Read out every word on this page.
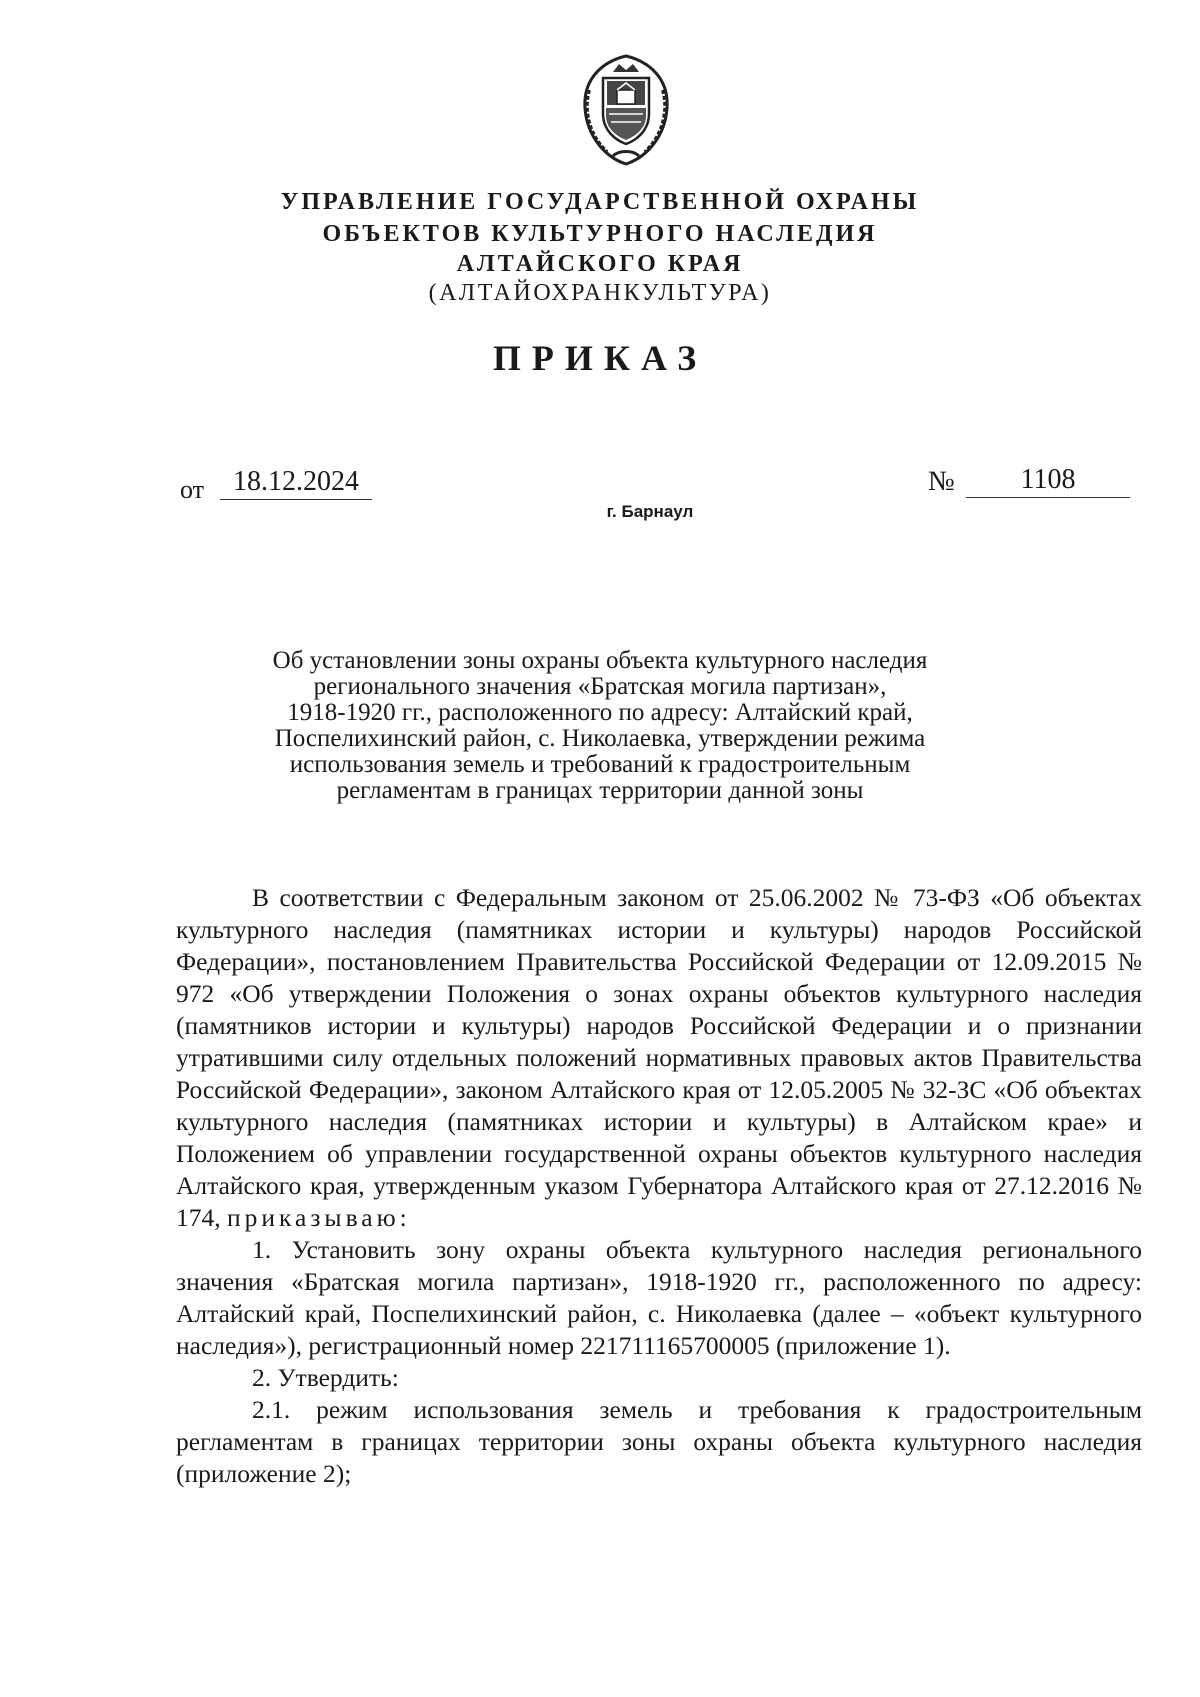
УПРАВЛЕНИЕ ГОСУДАРСТВЕННОЙ ОХРАНЫ
ОБЪЕКТОВ КУЛЬТУРНОГО НАСЛЕДИЯ
АЛТАЙСКОГО КРАЯ
(АЛТАЙОХРАНКУЛЬТУРА)
ПРИКАЗ
от	18.12.2024	№	1108
г. Барнаул
Об установлении зоны охраны объекта культурного наследия
регионального значения «Братская могила партизан»,
1918-1920 гг., расположенного по адресу: Алтайский край,
Поспелихинский район, с. Николаевка, утверждении режима
использования земель и требований к градостроительным
регламентам в границах территории данной зоны

В соответствии с Федеральным законом от 25.06.2002 № 73-ФЗ «Об объектах культурного наследия (памятниках истории и культуры) народов Российской Федерации», постановлением Правительства Российской Федерации от 12.09.2015 № 972 «Об утверждении Положения о зонах охраны объектов культурного наследия (памятников истории и культуры) народов Российской Федерации и о признании утратившими силу отдельных положений нормативных правовых актов Правительства Российской Федерации», законом Алтайского края от 12.05.2005 № 32-ЗС «Об объектах культурного наследия (памятниках истории и культуры) в Алтайском крае» и Положением об управлении государственной охраны объектов культурного наследия Алтайского края, утвержденным указом Губернатора Алтайского края от 27.12.2016 № 174, приказываю:

1. Установить зону охраны объекта культурного наследия регионального значения «Братская могила партизан», 1918-1920 гг., расположенного по адресу: Алтайский край, Поспелихинский район, с. Николаевка (далее – «объект культурного наследия»), регистрационный номер 221711165700005 (приложение 1).

2. Утвердить:

2.1. режим использования земель и требования к градостроительным регламентам в границах территории зоны охраны объекта культурного наследия (приложение 2);
